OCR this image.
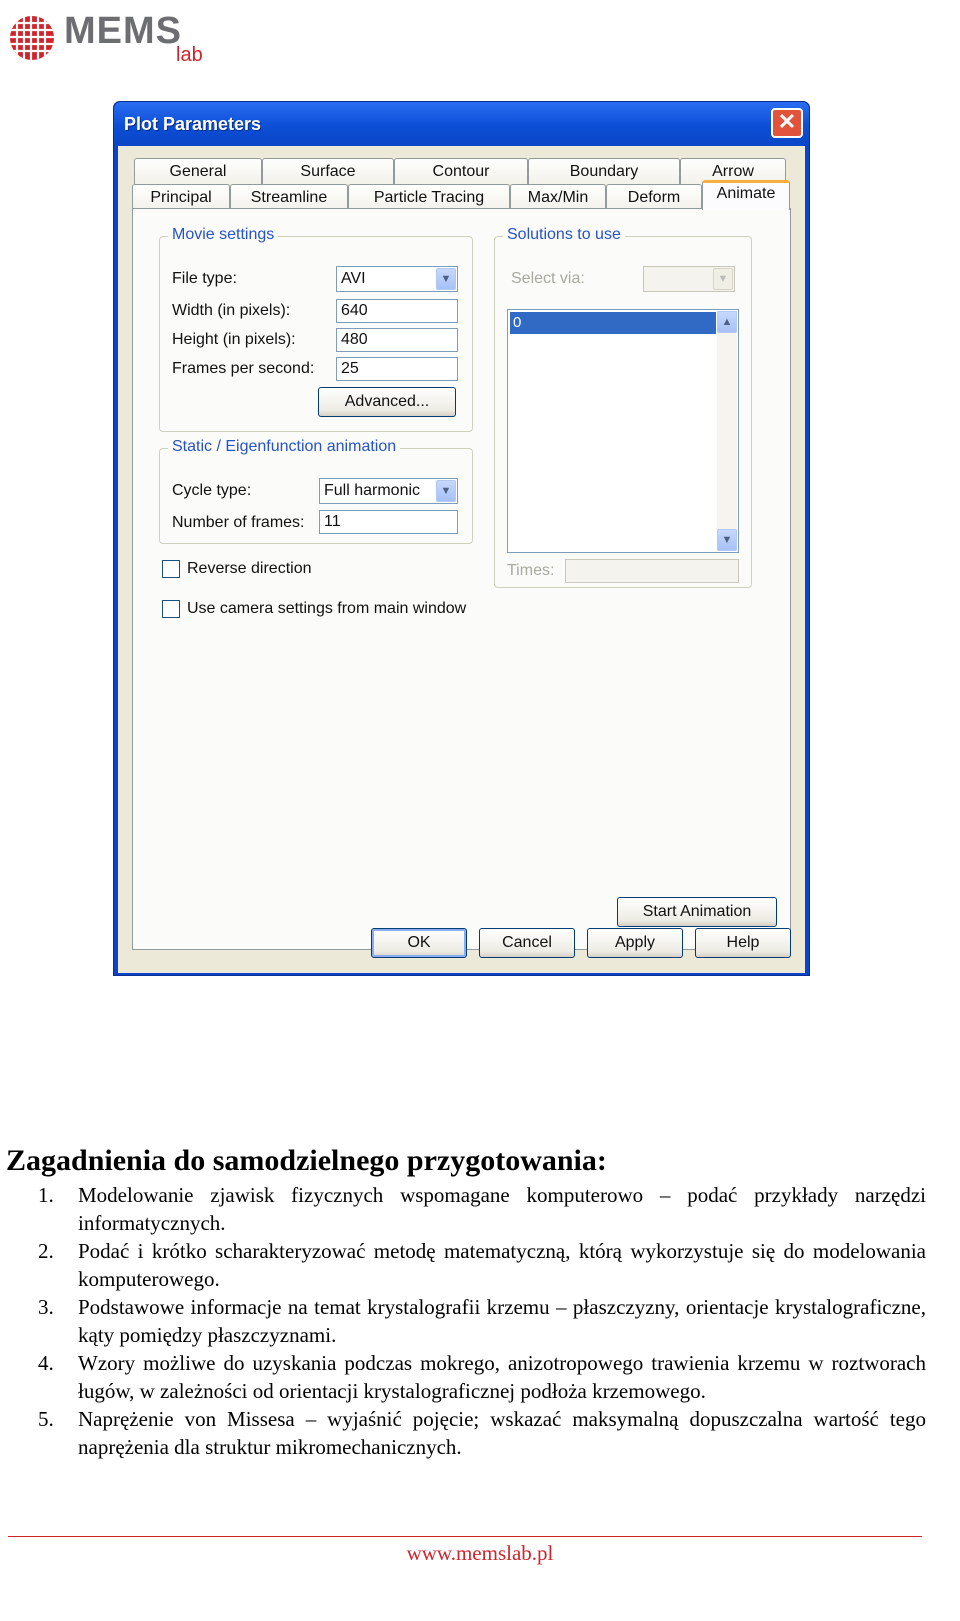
MEMS
lab
Plot Parameters	✕
General	Surface	Contour	Boundary	Arrow
Principal	Streamline	Particle Tracing	Max/Min	Deform	Animate
Movie settings
File type:	AVI	▼
Width (in pixels):	640
Height (in pixels):	480
Frames per second:	25
Advanced...
Static / Eigenfunction animation
Cycle type:	Full harmonic	▼
Number of frames:	11
Reverse direction
Use camera settings from main window
Solutions to use
Select via:	▼
0	▲
▼
Times:
Start Animation
OK	Cancel	Apply	Help
Zagadnienia do samodzielnego przygotowania:
1. Modelowanie zjawisk fizycznych wspomagane komputerowo – podać przykłady narzędzi informatycznych.
2. Podać i krótko scharakteryzować metodę matematyczną, którą wykorzystuje się do modelowania komputerowego.
3. Podstawowe informacje na temat krystalografii krzemu – płaszczyzny, orientacje krystalograficzne, kąty pomiędzy płaszczyznami.
4. Wzory możliwe do uzyskania podczas mokrego, anizotropowego trawienia krzemu w roztworach ługów, w zależności od orientacji krystalograficznej podłoża krzemowego.
5. Naprężenie von Missesa – wyjaśnić pojęcie; wskazać maksymalną dopuszczalna wartość tego naprężenia dla struktur mikromechanicznych.
www.memslab.pl
